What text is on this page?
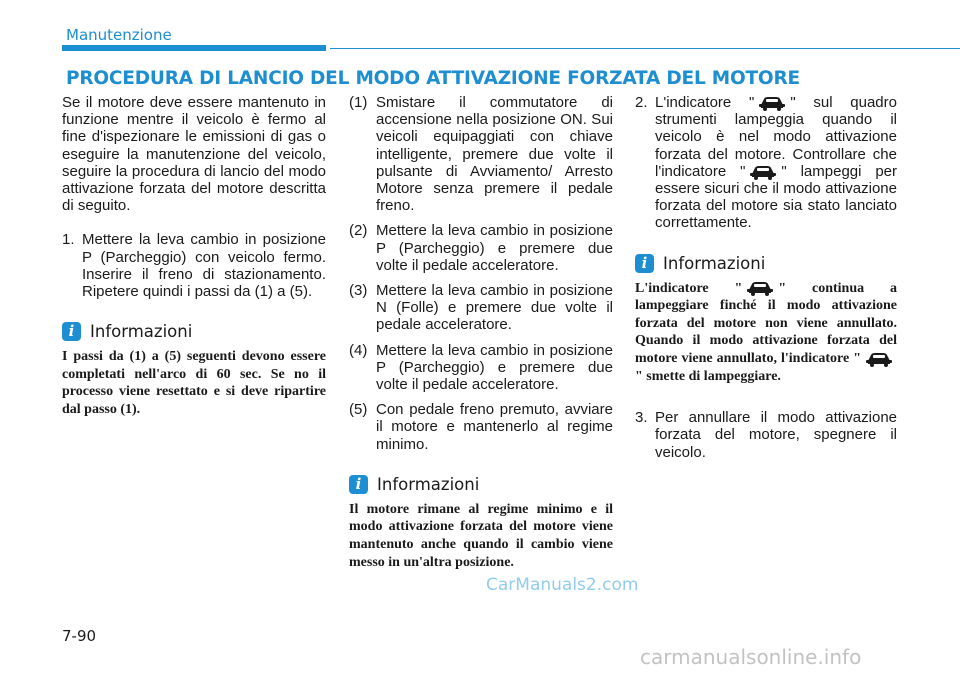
Manutenzione
PROCEDURA DI LANCIO DEL MODO ATTIVAZIONE FORZATA DEL MOTORE

Se il motore deve essere mantenuto in funzione mentre il veicolo è fermo al fine d'ispezionare le emissioni di gas o eseguire la manutenzione del veicolo, seguire la procedura di lancio del modo attivazione forzata del motore descritta di seguito.

1. Mettere la leva cambio in posizione P (Parcheggio) con veicolo fermo. Inserire il freno di stazionamento. Ripetere quindi i passi da (1) a (5).
i Informazioni

I passi da (1) a (5) seguenti devono essere completati nell'arco di 60 sec. Se no il processo viene resettato e si deve ripartire dal passo (1).

(1) Smistare il commutatore di accensione nella posizione ON. Sui veicoli equipaggiati con chiave intelligente, premere due volte il pulsante di Avviamento/ Arresto Motore senza premere il pedale freno.
(2) Mettere la leva cambio in posizione P (Parcheggio) e premere due volte il pedale acceleratore.
(3) Mettere la leva cambio in posizione N (Folle) e premere due volte il pedale acceleratore.
(4) Mettere la leva cambio in posizione P (Parcheggio) e premere due volte il pedale acceleratore.
(5) Con pedale freno premuto, avviare il motore e mantenerlo al regime minimo.
i Informazioni

Il motore rimane al regime minimo e il modo attivazione forzata del motore viene mantenuto anche quando il cambio viene messo in un'altra posizione.

2. L'indicatore " " sul quadro strumenti lampeggia quando il veicolo è nel modo attivazione forzata del motore. Controllare che l'indicatore " " lampeggi per essere sicuri che il modo attivazione forzata del motore sia stato lanciato correttamente.
i Informazioni

L'indicatore "	" continua a lampeggiare finché il modo attivazione forzata del motore non viene annullato. Quando il modo attivazione forzata del motore viene annullato, l'indicatore "" smette di lampeggiare.

3. Per annullare il modo attivazione forzata del motore, spegnere il veicolo.
CarManuals2.com
7-90
carmanualsonline.info
